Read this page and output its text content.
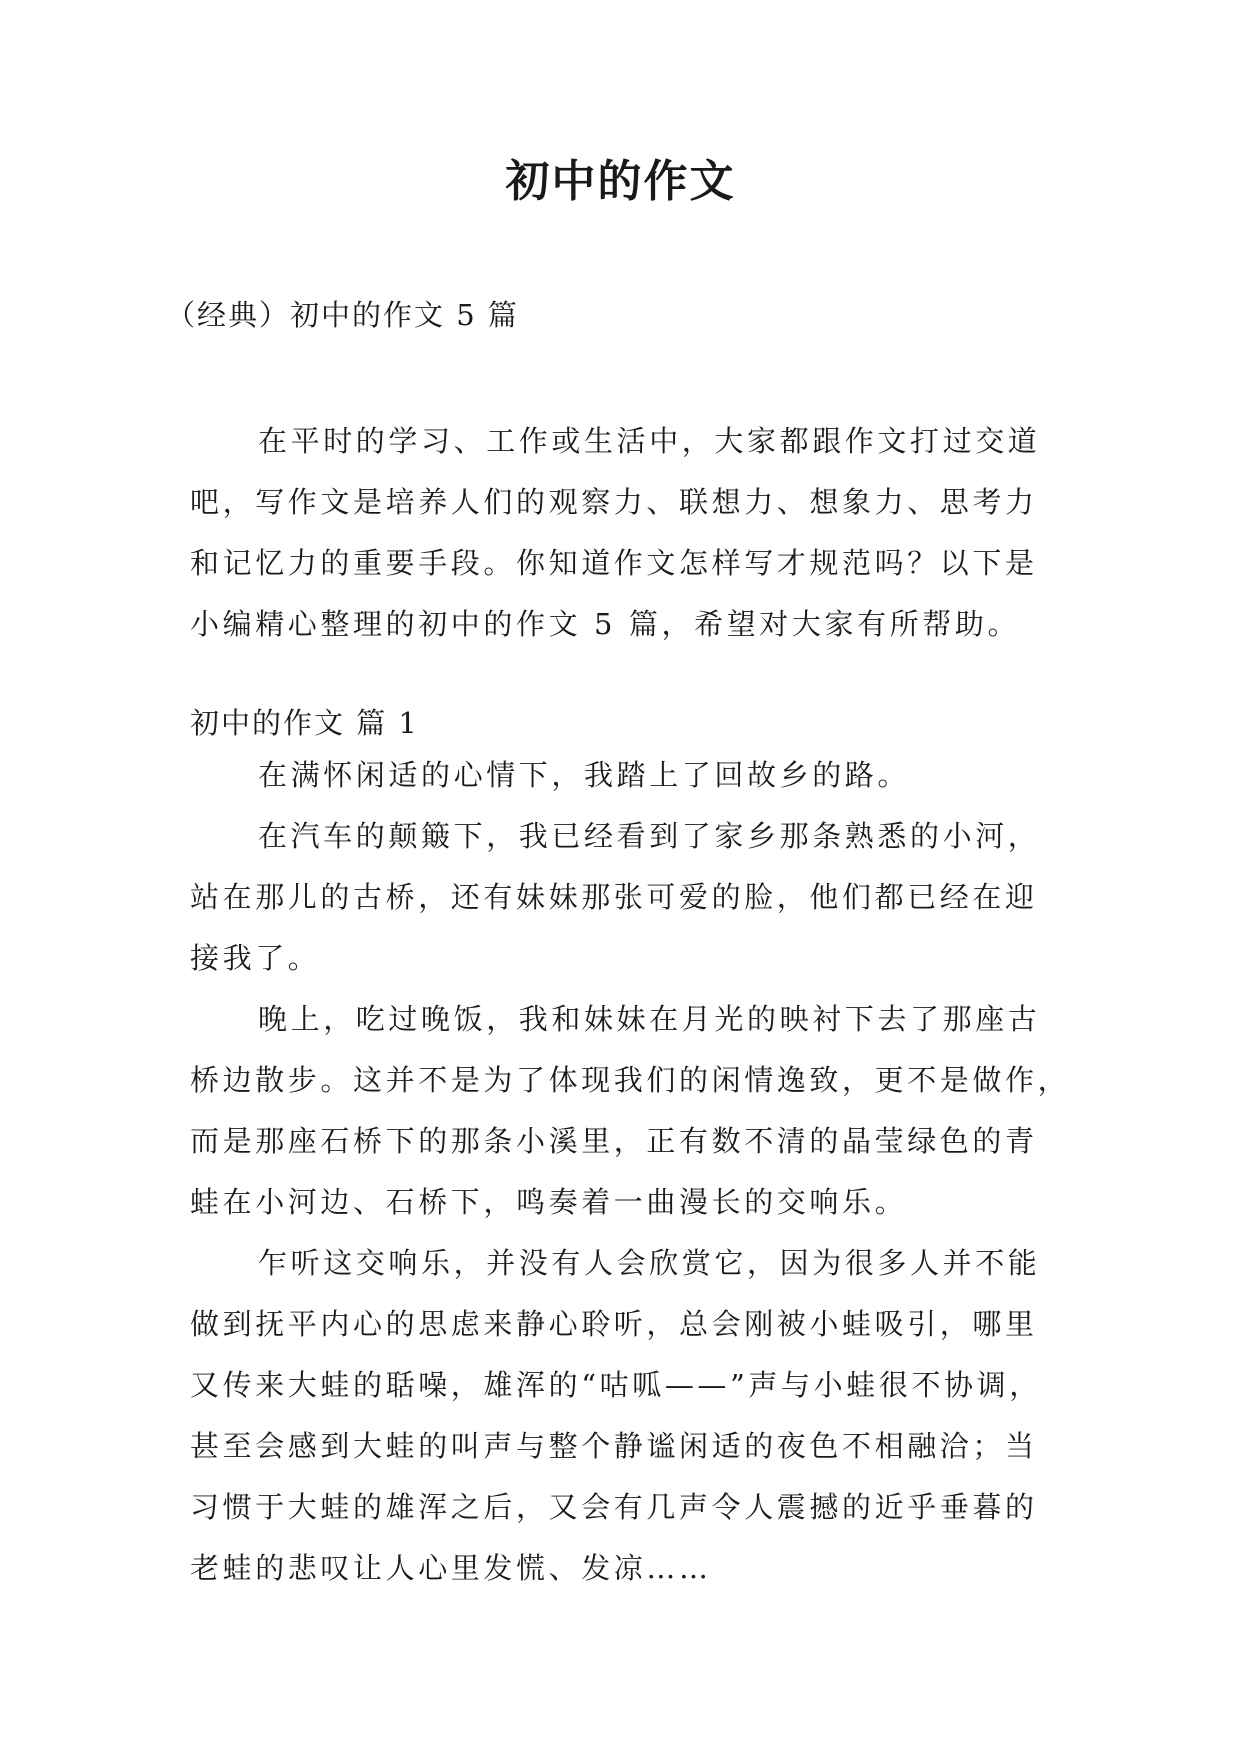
初中的作文
（经典）初中的作文 5 篇
在平时的学习、工作或生活中，大家都跟作文打过交道
吧，写作文是培养人们的观察力、联想力、想象力、思考力
和记忆力的重要手段。你知道作文怎样写才规范吗？以下是
小编精心整理的初中的作文 5 篇，希望对大家有所帮助。
初中的作文 篇 1
在满怀闲适的心情下，我踏上了回故乡的路。
在汽车的颠簸下，我已经看到了家乡那条熟悉的小河，
站在那儿的古桥，还有妹妹那张可爱的脸，他们都已经在迎
接我了。
晚上，吃过晚饭，我和妹妹在月光的映衬下去了那座古
桥边散步。这并不是为了体现我们的闲情逸致，更不是做作，
而是那座石桥下的那条小溪里，正有数不清的晶莹绿色的青
蛙在小河边、石桥下，鸣奏着一曲漫长的交响乐。
乍听这交响乐，并没有人会欣赏它，因为很多人并不能
做到抚平内心的思虑来静心聆听，总会刚被小蛙吸引，哪里
又传来大蛙的聒噪，雄浑的“咕呱——”声与小蛙很不协调，
甚至会感到大蛙的叫声与整个静谧闲适的夜色不相融洽；当
习惯于大蛙的雄浑之后，又会有几声令人震撼的近乎垂暮的
老蛙的悲叹让人心里发慌、发凉……
